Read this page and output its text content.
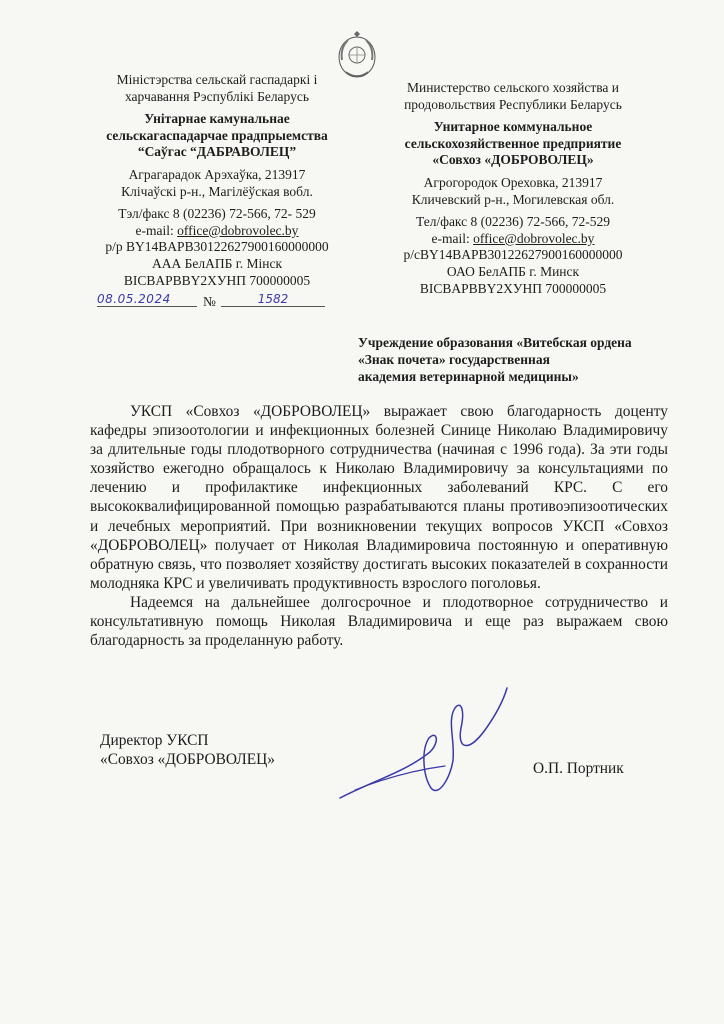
Міністэрства сельскай гаспадаркі і
харчавання Рэспублікі Беларусь
Унітарнае камунальнае
сельскагаспадарчае прадпрыемства
“Саўгас “ДАБРАВОЛЕЦ”
Аграгарадок Арэхаўка, 213917
Клічаўскі р-н., Магілёўская вобл.
Тэл/факс 8 (02236) 72-566, 72- 529
e-mail: office@dobrovolec.by
р/р BY14BAPB30122627900160000000
ААА БелАПБ г. Мінск
BICBAPBBY2XУНП 700000005
Министерство сельского хозяйства и
продовольствия Республики Беларусь
Унитарное коммунальное
сельскохозяйственное предприятие
«Совхоз «ДОБРОВОЛЕЦ»
Агрогородок Ореховка, 213917
Кличевский р-н., Могилевская обл.
Тел/факс 8 (02236) 72-566, 72-529
e-mail: office@dobrovolec.by
р/сBY14BAPB30122627900160000000
ОАО БелАПБ г. Минск
BICBAPBBY2XУНП 700000005
08.05.2024	№	1582
Учреждение образования «Витебская ордена
«Знак почета» государственная
академия ветеринарной медицины»

УКСП «Совхоз «ДОБРОВОЛЕЦ» выражает свою благодарность доценту кафедры эпизоотологии и инфекционных болезней Синице Николаю Владимировичу за длительные годы плодотворного сотрудничества (начиная с 1996 года). За эти годы хозяйство ежегодно обращалось к Николаю Владимировичу за консультациями по лечению и профилактике инфекционных заболеваний КРС. С его высококвалифицированной помощью разрабатываются планы противоэпизоотических и лечебных мероприятий. При возникновении текущих вопросов УКСП «Совхоз «ДОБРОВОЛЕЦ» получает от Николая Владимировича постоянную и оперативную обратную связь, что позволяет хозяйству достигать высоких показателей в сохранности молодняка КРС и увеличивать продуктивность взрослого поголовья.

Надеемся на дальнейшее долгосрочное и плодотворное сотрудничество и консультативную помощь Николая Владимировича и еще раз выражаем свою благодарность за проделанную работу.

Директор УКСП
«Совхоз «ДОБРОВОЛЕЦ»
О.П. Портник
